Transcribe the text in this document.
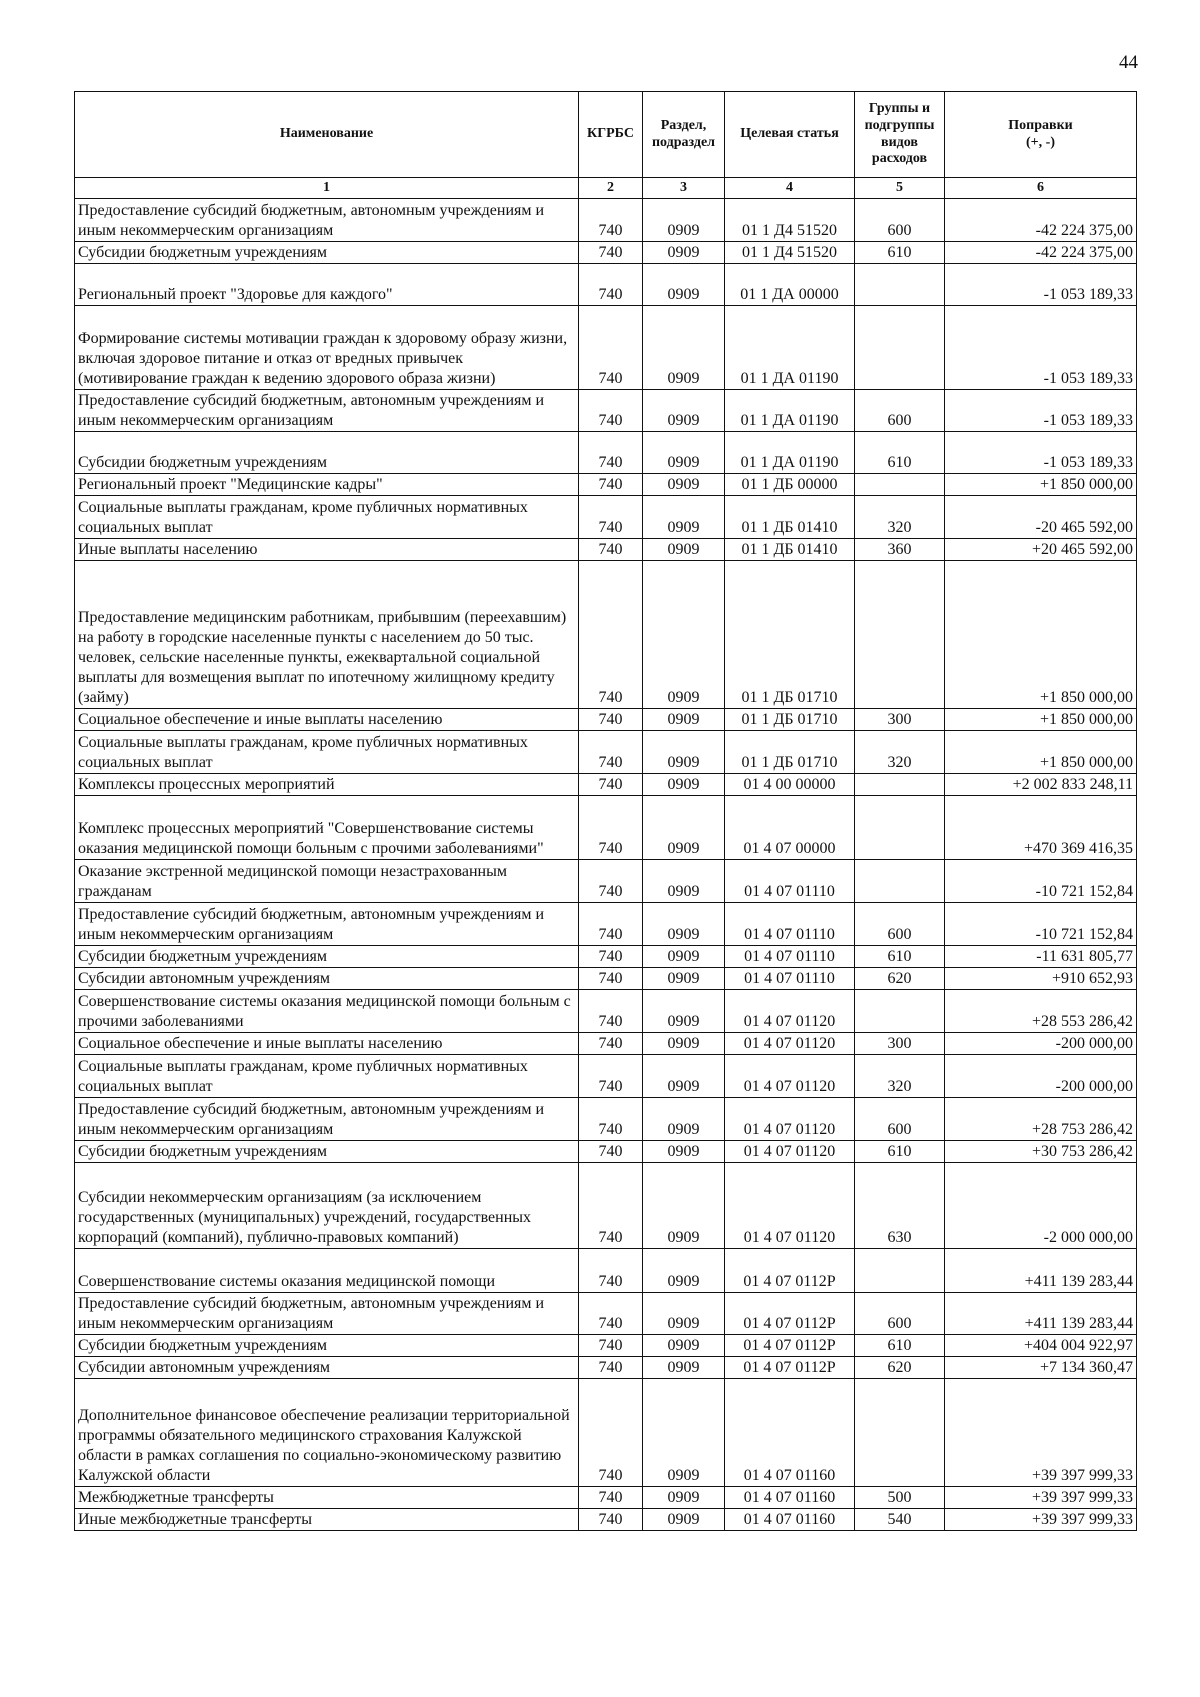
44
Наименование	КГРБС	Раздел, подраздел	Целевая статья	Группы и подгруппы видов расходов	Поправки
(+, -)

1	2	3	4	5	6
Предоставление субсидий бюджетным, автономным учреждениям и иным некоммерческим организациям	740	0909	01 1 Д4 51520	600	-42 224 375,00
Субсидии бюджетным учреждениям	740	0909	01 1 Д4 51520	610	-42 224 375,00
Региональный проект "Здоровье для каждого"	740	0909	01 1 ДА 00000		-1 053 189,33
Формирование системы мотивации граждан к здоровому образу жизни, включая здоровое питание и отказ от вредных привычек (мотивирование граждан к ведению здорового образа жизни)	740	0909	01 1 ДА 01190		-1 053 189,33
Предоставление субсидий бюджетным, автономным учреждениям и иным некоммерческим организациям	740	0909	01 1 ДА 01190	600	-1 053 189,33
Субсидии бюджетным учреждениям	740	0909	01 1 ДА 01190	610	-1 053 189,33
Региональный проект "Медицинские кадры"	740	0909	01 1 ДБ 00000		+1 850 000,00
Социальные выплаты гражданам, кроме публичных нормативных социальных выплат	740	0909	01 1 ДБ 01410	320	-20 465 592,00
Иные выплаты населению	740	0909	01 1 ДБ 01410	360	+20 465 592,00
Предоставление медицинским работникам, прибывшим (переехавшим) на работу в городские населенные пункты с населением до 50 тыс. человек, сельские населенные пункты, ежеквартальной социальной выплаты для возмещения выплат по ипотечному жилищному кредиту (займу)	740	0909	01 1 ДБ 01710		+1 850 000,00
Социальное обеспечение и иные выплаты населению	740	0909	01 1 ДБ 01710	300	+1 850 000,00
Социальные выплаты гражданам, кроме публичных нормативных социальных выплат	740	0909	01 1 ДБ 01710	320	+1 850 000,00
Комплексы процессных мероприятий	740	0909	01 4 00 00000		+2 002 833 248,11
Комплекс процессных мероприятий "Совершенствование системы оказания медицинской помощи больным с прочими заболеваниями"	740	0909	01 4 07 00000		+470 369 416,35
Оказание экстренной медицинской помощи незастрахованным гражданам	740	0909	01 4 07 01110		-10 721 152,84
Предоставление субсидий бюджетным, автономным учреждениям и иным некоммерческим организациям	740	0909	01 4 07 01110	600	-10 721 152,84
Субсидии бюджетным учреждениям	740	0909	01 4 07 01110	610	-11 631 805,77
Субсидии автономным учреждениям	740	0909	01 4 07 01110	620	+910 652,93
Совершенствование системы оказания медицинской помощи больным с прочими заболеваниями	740	0909	01 4 07 01120		+28 553 286,42
Социальное обеспечение и иные выплаты населению	740	0909	01 4 07 01120	300	-200 000,00
Социальные выплаты гражданам, кроме публичных нормативных социальных выплат	740	0909	01 4 07 01120	320	-200 000,00
Предоставление субсидий бюджетным, автономным учреждениям и иным некоммерческим организациям	740	0909	01 4 07 01120	600	+28 753 286,42
Субсидии бюджетным учреждениям	740	0909	01 4 07 01120	610	+30 753 286,42
Субсидии некоммерческим организациям (за исключением государственных (муниципальных) учреждений, государственных корпораций (компаний), публично-правовых компаний)	740	0909	01 4 07 01120	630	-2 000 000,00
Совершенствование системы оказания медицинской помощи	740	0909	01 4 07 0112Р		+411 139 283,44
Предоставление субсидий бюджетным, автономным учреждениям и иным некоммерческим организациям	740	0909	01 4 07 0112Р	600	+411 139 283,44
Субсидии бюджетным учреждениям	740	0909	01 4 07 0112Р	610	+404 004 922,97
Субсидии автономным учреждениям	740	0909	01 4 07 0112Р	620	+7 134 360,47
Дополнительное финансовое обеспечение реализации территориальной программы обязательного медицинского страхования Калужской области в рамках соглашения по социально-экономическому развитию Калужской области	740	0909	01 4 07 01160		+39 397 999,33
Межбюджетные трансферты	740	0909	01 4 07 01160	500	+39 397 999,33
Иные межбюджетные трансферты	740	0909	01 4 07 01160	540	+39 397 999,33
